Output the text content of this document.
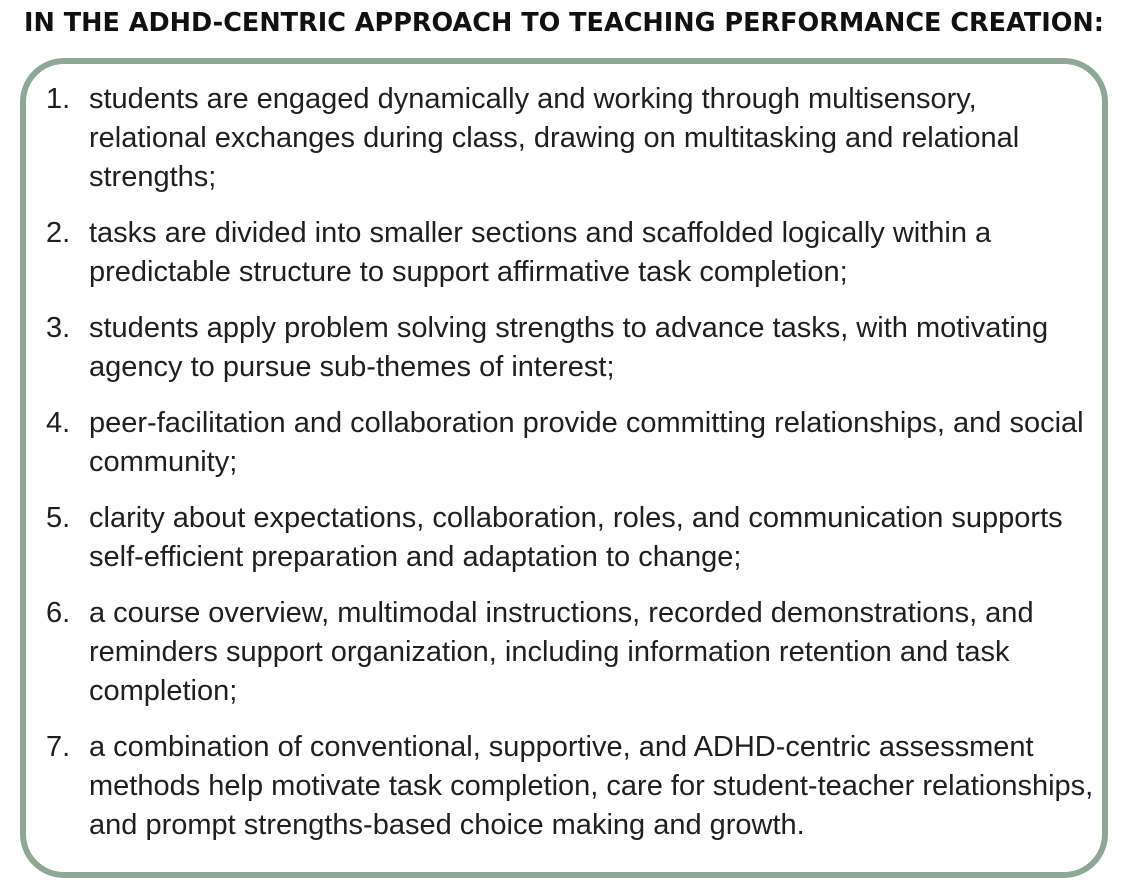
IN THE ADHD-CENTRIC APPROACH TO TEACHING PERFORMANCE CREATION:
1. students are engaged dynamically and working through multisensory, relational exchanges during class, drawing on multitasking and relational strengths;
2. tasks are divided into smaller sections and scaffolded logically within a predictable structure to support affirmative task completion;
3. students apply problem solving strengths to advance tasks, with motivating agency to pursue sub-themes of interest;
4. peer-facilitation and collaboration provide committing relationships, and social community;
5. clarity about expectations, collaboration, roles, and communication supports self-efficient preparation and adaptation to change;
6. a course overview, multimodal instructions, recorded demonstrations, and reminders support organization, including information retention and task completion;
7. a combination of conventional, supportive, and ADHD-centric assessment methods help motivate task completion, care for student-teacher relationships, and prompt strengths-based choice making and growth.
